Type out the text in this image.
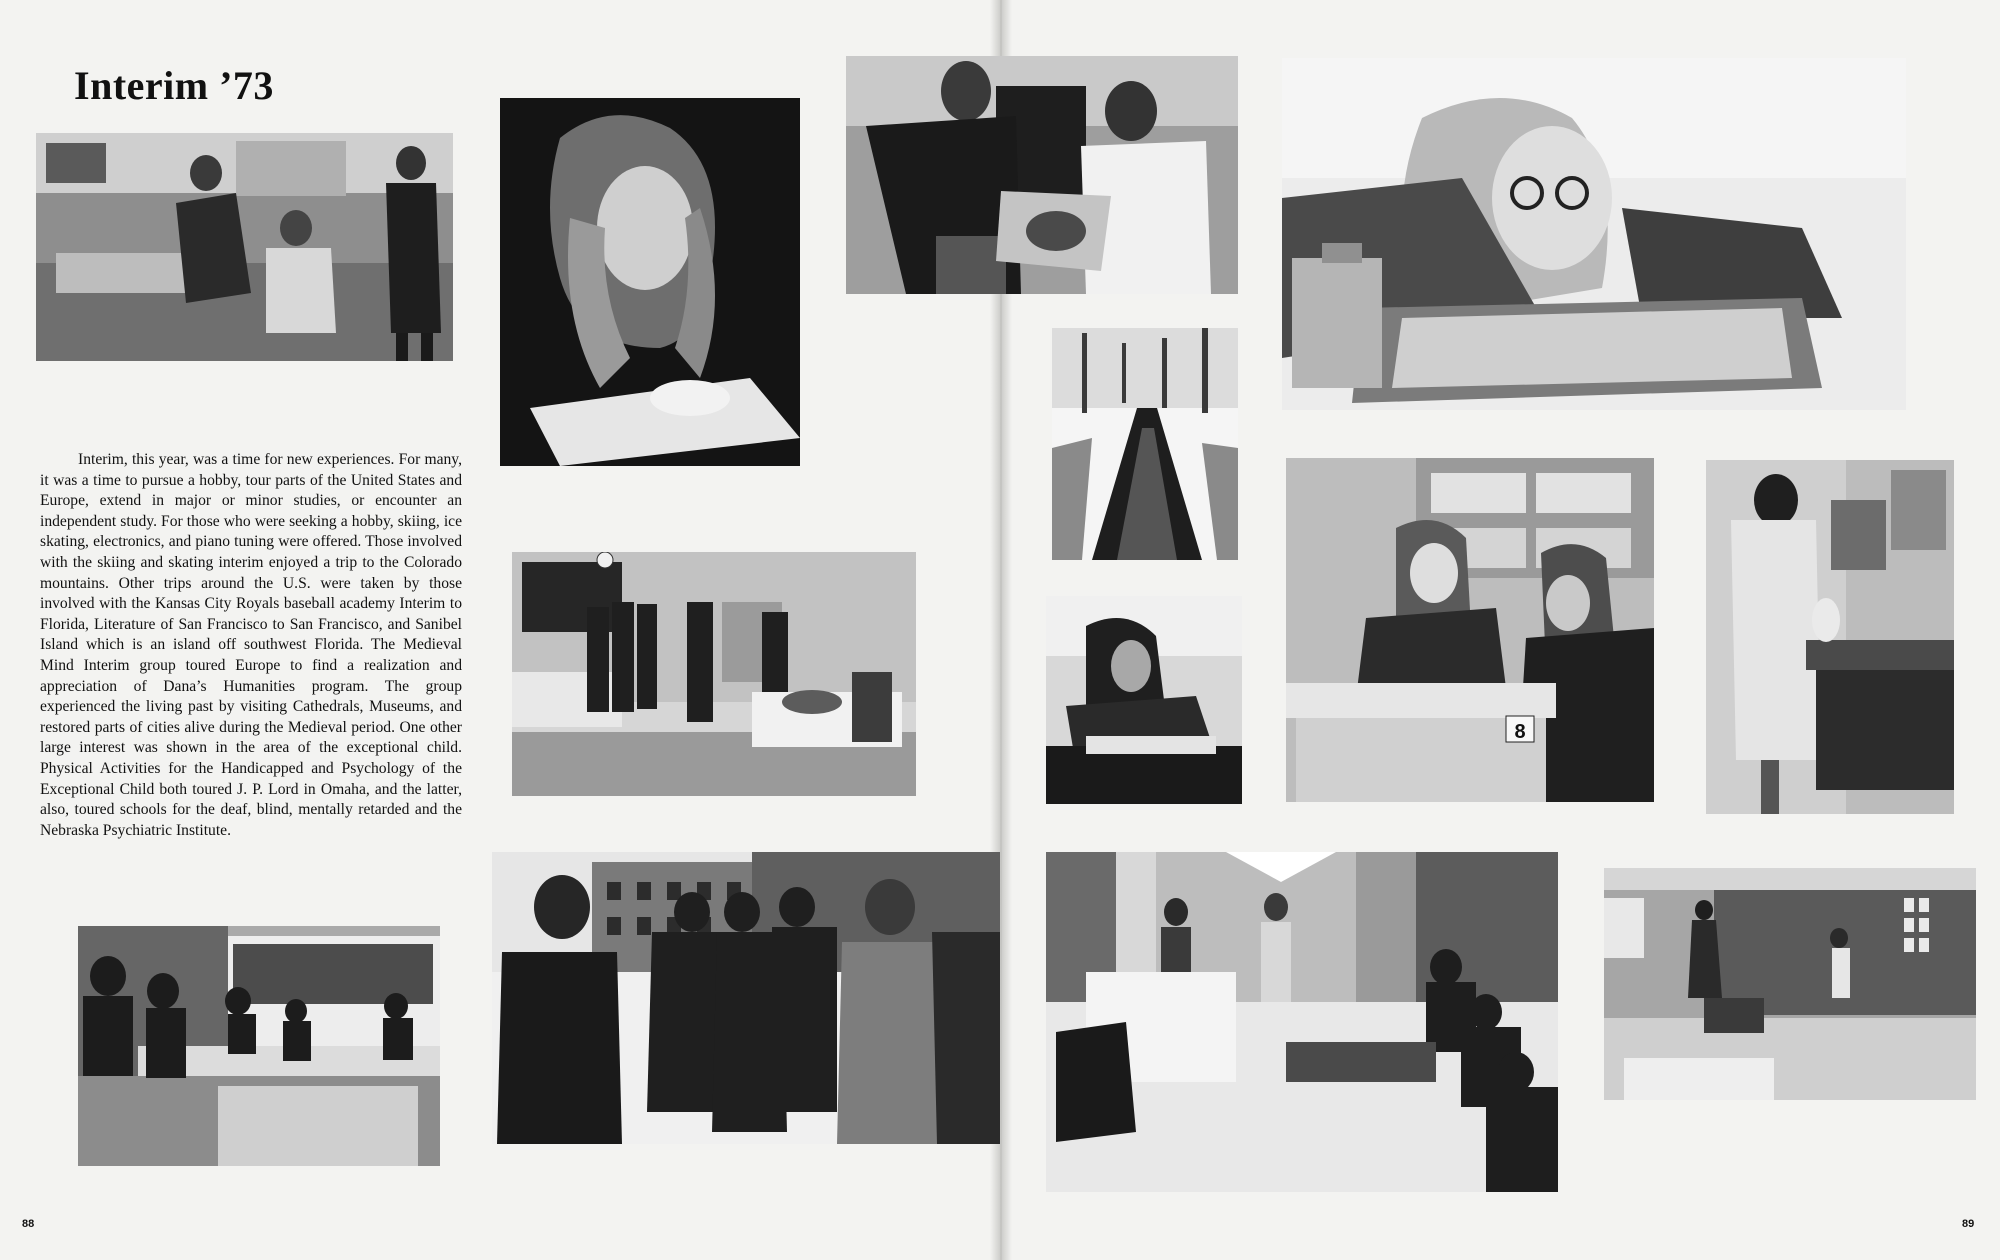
Interim ’73

Interim, this year, was a time for new experiences. For many, it was a time to pursue a hobby, tour parts of the United States and Europe, extend in major or minor studies, or encounter an independent study. For those who were seeking a hobby, skiing, ice skating, electronics, and piano tuning were offered. Those involved with the skiing and skating interim enjoyed a trip to the Colorado mountains. Other trips around the U.S. were taken by those involved with the Kansas City Royals baseball academy Interim to Florida, Literature of San Francisco to San Francisco, and Sanibel Island which is an island off southwest Florida. The Medieval Mind Interim group toured Europe to find a realization and appreciation of Dana’s Humanities program. The group experienced the living past by visiting Cathedrals, Museums, and restored parts of cities alive during the Medieval period. One other large interest was shown in the area of the exceptional child. Physical Activities for the Handicapped and Psychology of the Exceptional Child both toured J. P. Lord in Omaha, and the latter, also, toured schools for the deaf, blind, mentally retarded and the Nebraska Psychiatric Institute.

88
8
89
